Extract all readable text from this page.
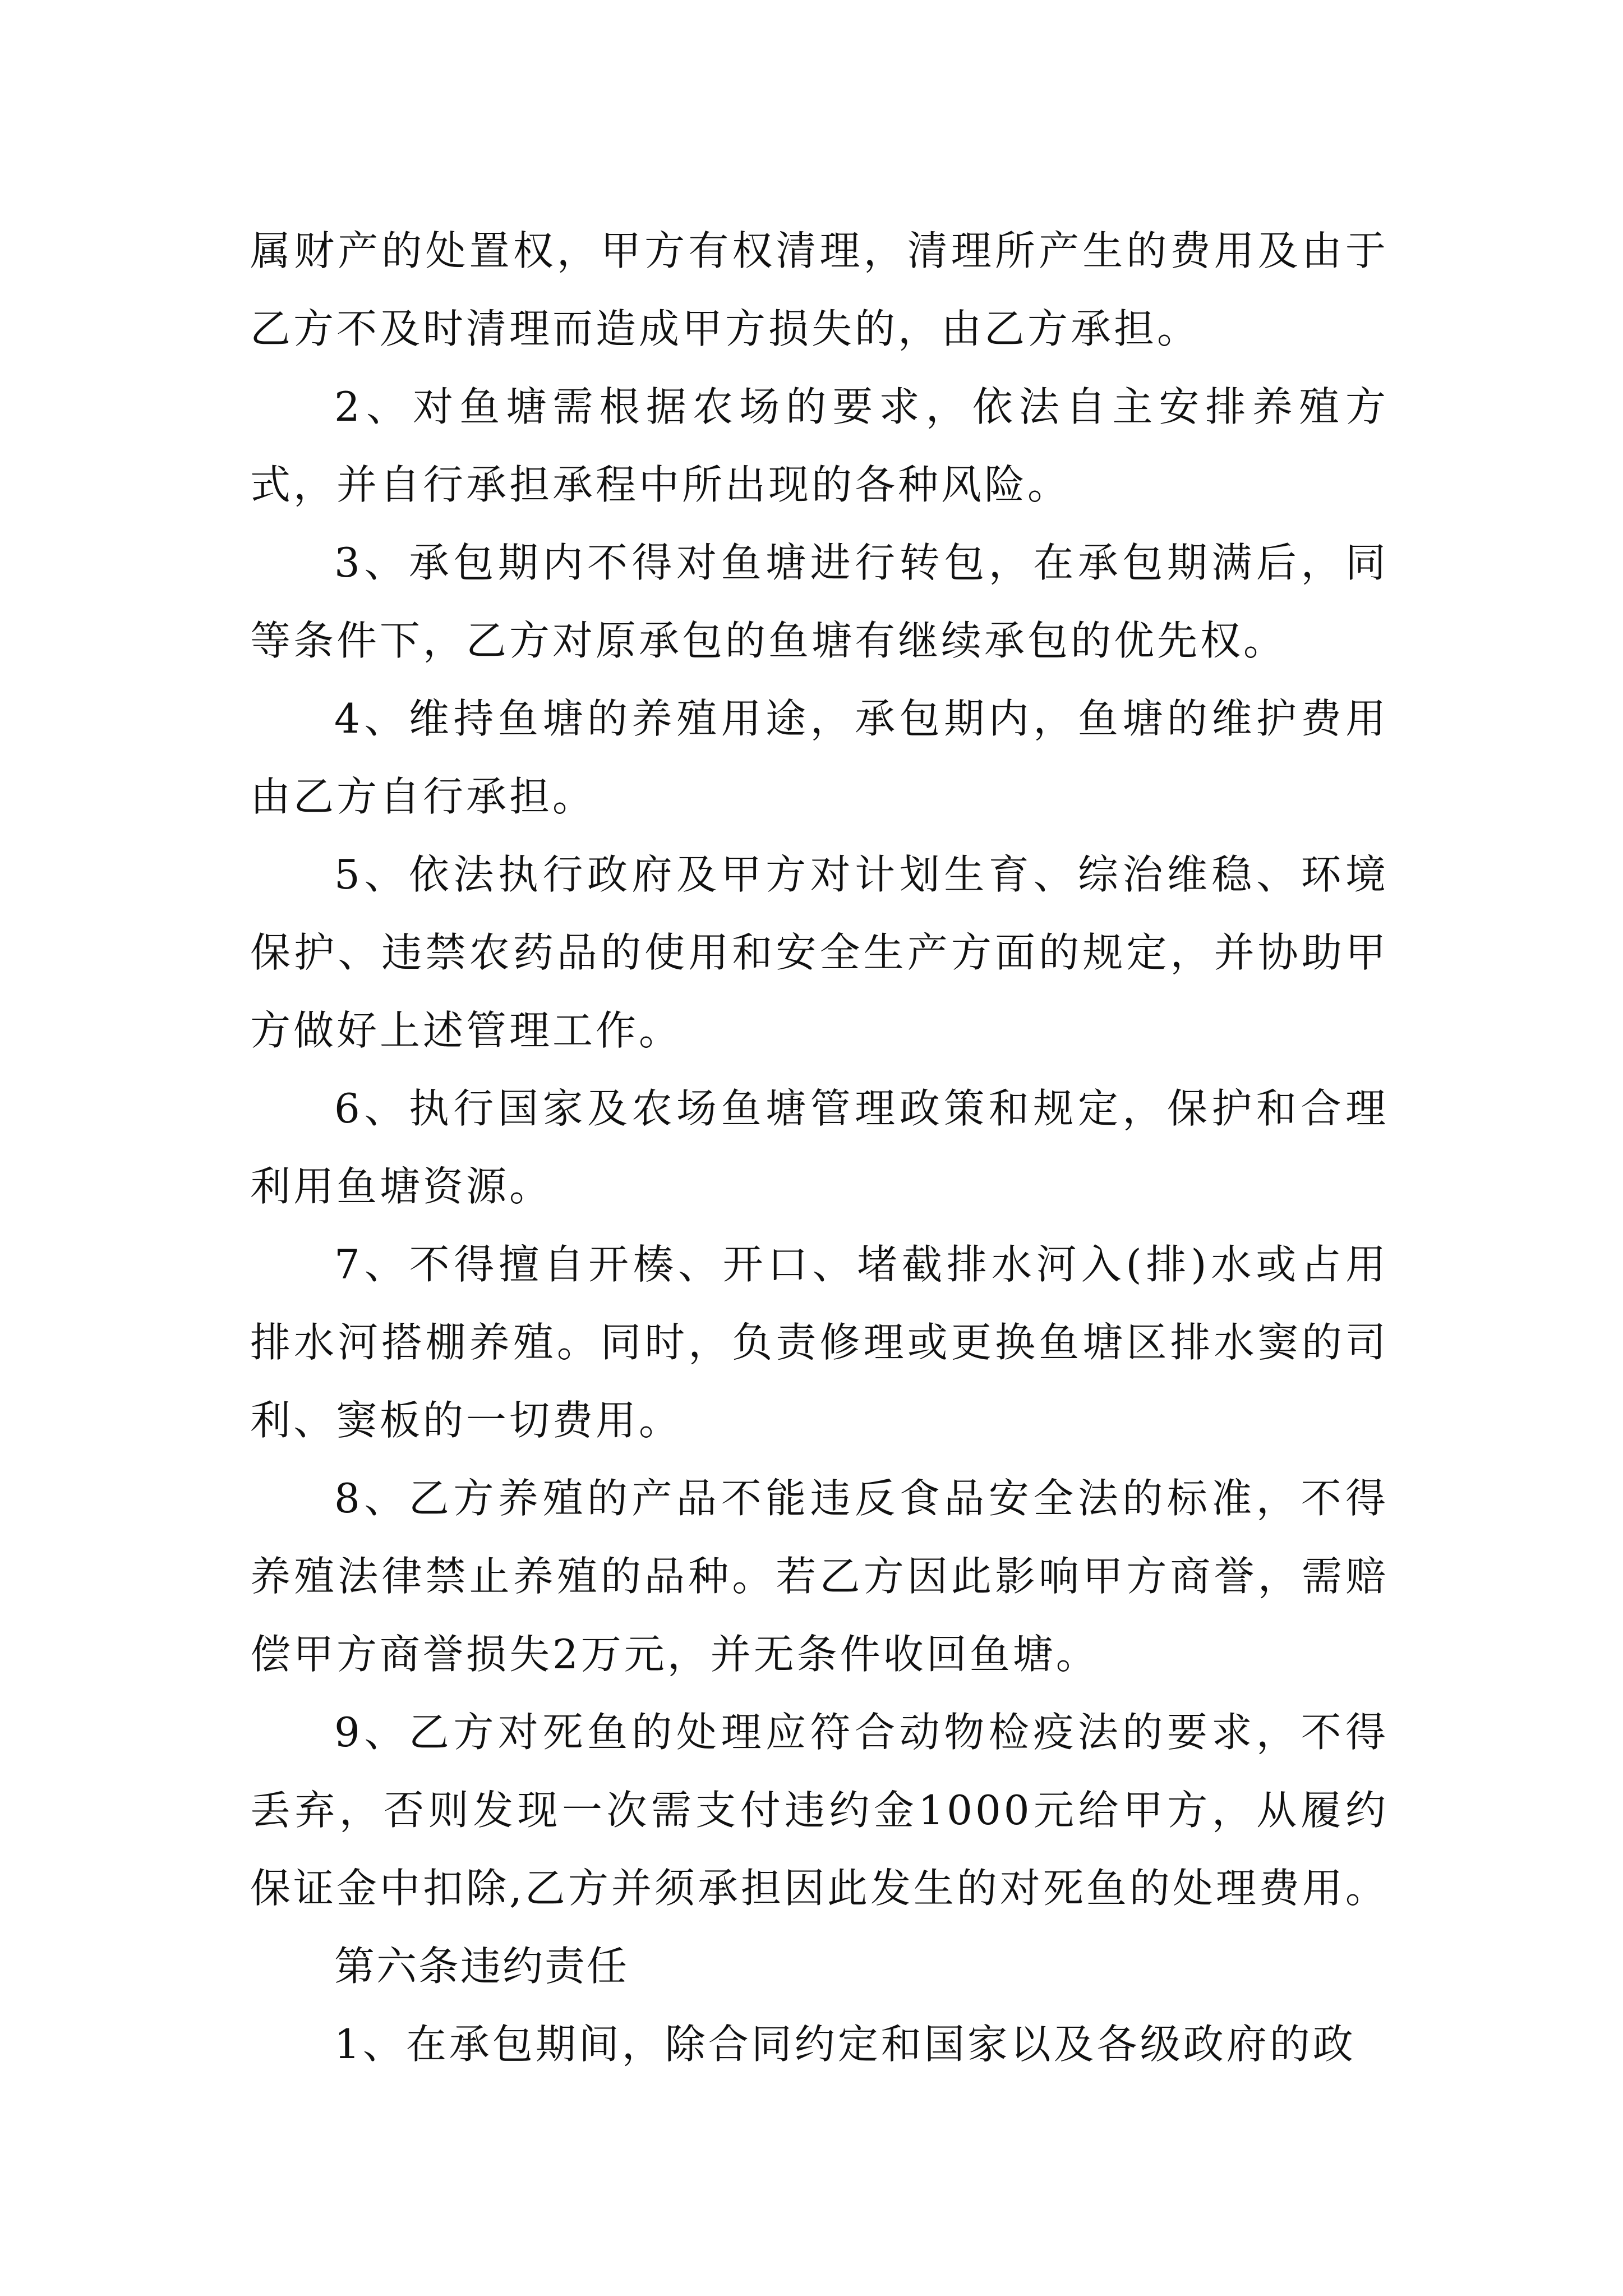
属财产的处置权，甲方有权清理，清理所产生的费用及由于乙方不及时清理而造成甲方损失的，由乙方承担。

2、对鱼塘需根据农场的要求，依法自主安排养殖方式，并自行承担承程中所出现的各种风险。

3、承包期内不得对鱼塘进行转包，在承包期满后，同等条件下，乙方对原承包的鱼塘有继续承包的优先权。

4、维持鱼塘的养殖用途，承包期内，鱼塘的维护费用由乙方自行承担。

5、依法执行政府及甲方对计划生育、综治维稳、环境保护、违禁农药品的使用和安全生产方面的规定，并协助甲方做好上述管理工作。

6、执行国家及农场鱼塘管理政策和规定，保护和合理利用鱼塘资源。

7、不得擅自开楱、开口、堵截排水河入(排)水或占用排水河搭棚养殖。同时，负责修理或更换鱼塘区排水窦的司利、窦板的一切费用。

8、乙方养殖的产品不能违反食品安全法的标准，不得养殖法律禁止养殖的品种。若乙方因此影响甲方商誉，需赔偿甲方商誉损失2万元，并无条件收回鱼塘。

9、乙方对死鱼的处理应符合动物检疫法的要求，不得丢弃，否则发现一次需支付违约金1000元给甲方，从履约保证金中扣除,乙方并须承担因此发生的对死鱼的处理费用。

第六条违约责任

1、在承包期间，除合同约定和国家以及各级政府的政
